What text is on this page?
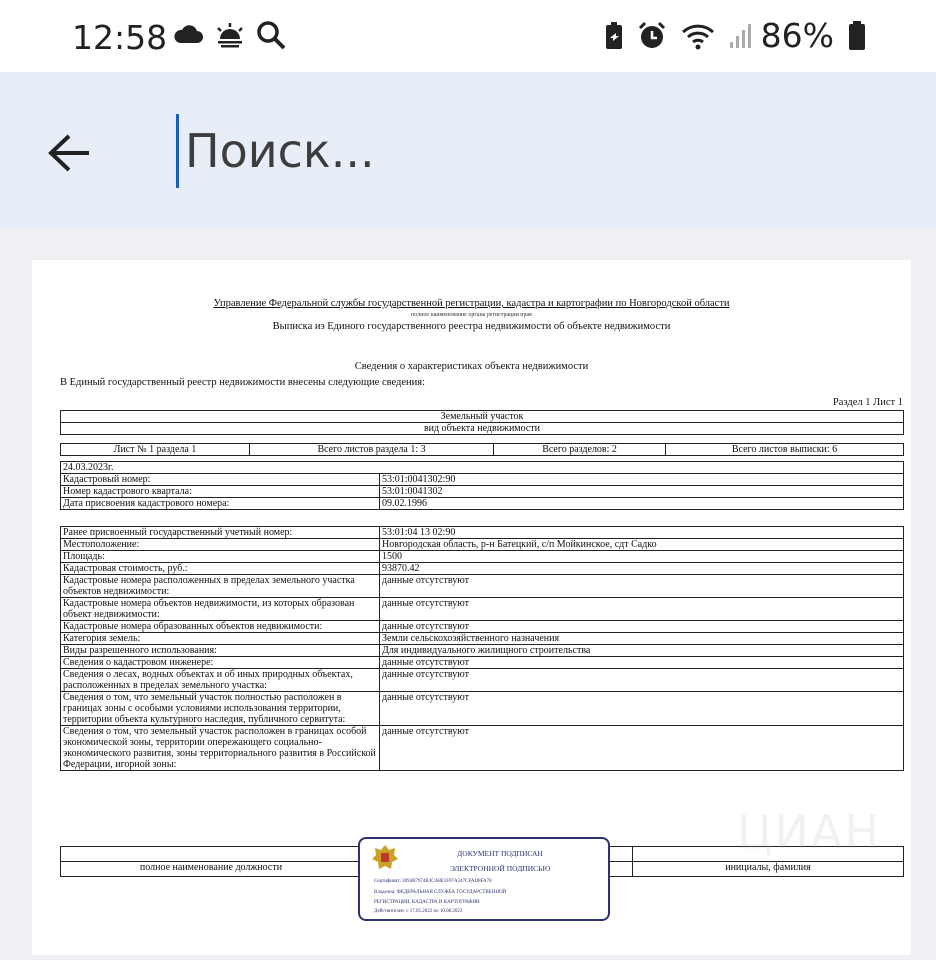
12:58	86%
Поиск...
Управление Федеральной службы государственной регистрации, кадастра и картографии по Новгородской области
полное наименование органа регистрации прав
Выписка из Единого государственного реестра недвижимости об объекте недвижимости
Сведения о характеристиках объекта недвижимости
В Единый государственный реестр недвижимости внесены следующие сведения:
Раздел 1 Лист 1
Земельный участок
вид объекта недвижимости
Лист № 1 раздела 1	Всего листов раздела 1: 3	Всего разделов: 2	Всего листов выписки: 6
24.03.2023г.	
Кадастровый номер:	53:01:0041302:90
Номер кадастрового квартала:	53:01:0041302
Дата присвоения кадастрового номера:	09.02.1996
Ранее присвоенный государственный учетный номер:	53:01:04 13 02:90
Местоположение:	Новгородская область, р-н Батецкий, с/п Мойкинское, сдт Садко
Площадь:	1500
Кадастровая стоимость, руб.:	93870.42
Кадастровые номера расположенных в пределах земельного участка объектов недвижимости:	данные отсутствуют
Кадастровые номера объектов недвижимости, из которых образован объект недвижимости:	данные отсутствуют
Кадастровые номера образованных объектов недвижимости:	данные отсутствуют
Категория земель:	Земли сельскохозяйственного назначения
Виды разрешенного использования:	Для индивидуального жилищного строительства
Сведения о кадастровом инженере:	данные отсутствуют
Сведения о лесах, водных объектах и об иных природных объектах, расположенных в пределах земельного участка:	данные отсутствуют
Сведения о том, что земельный участок полностью расположен в границах зоны с особыми условиями использования территории, территории объекта культурного наследия, публичного сервитута:	данные отсутствуют
Сведения о том, что земельный участок расположен в границах особой экономической зоны, территории опережающего социально-экономического развития, зоны территориального развития в Российской Федерации, игорной зоны:	данные отсутствуют

полное наименование должности		инициалы, фамилия
ДОКУМЕНТ ПОДПИСАН
ЭЛЕКТРОННОЙ ПОДПИСЬЮ
Сертификат: 3094B7974B3CA8E1F07A347CFAD8FA78
Владелец: ФЕДЕРАЛЬНАЯ СЛУЖБА ГОСУДАРСТВЕННОЙ
РЕГИСТРАЦИИ, КАДАСТРА И КАРТОГРАФИИ
Действителен: с 17.05.2022 по 10.08.2023
ЦИАН
